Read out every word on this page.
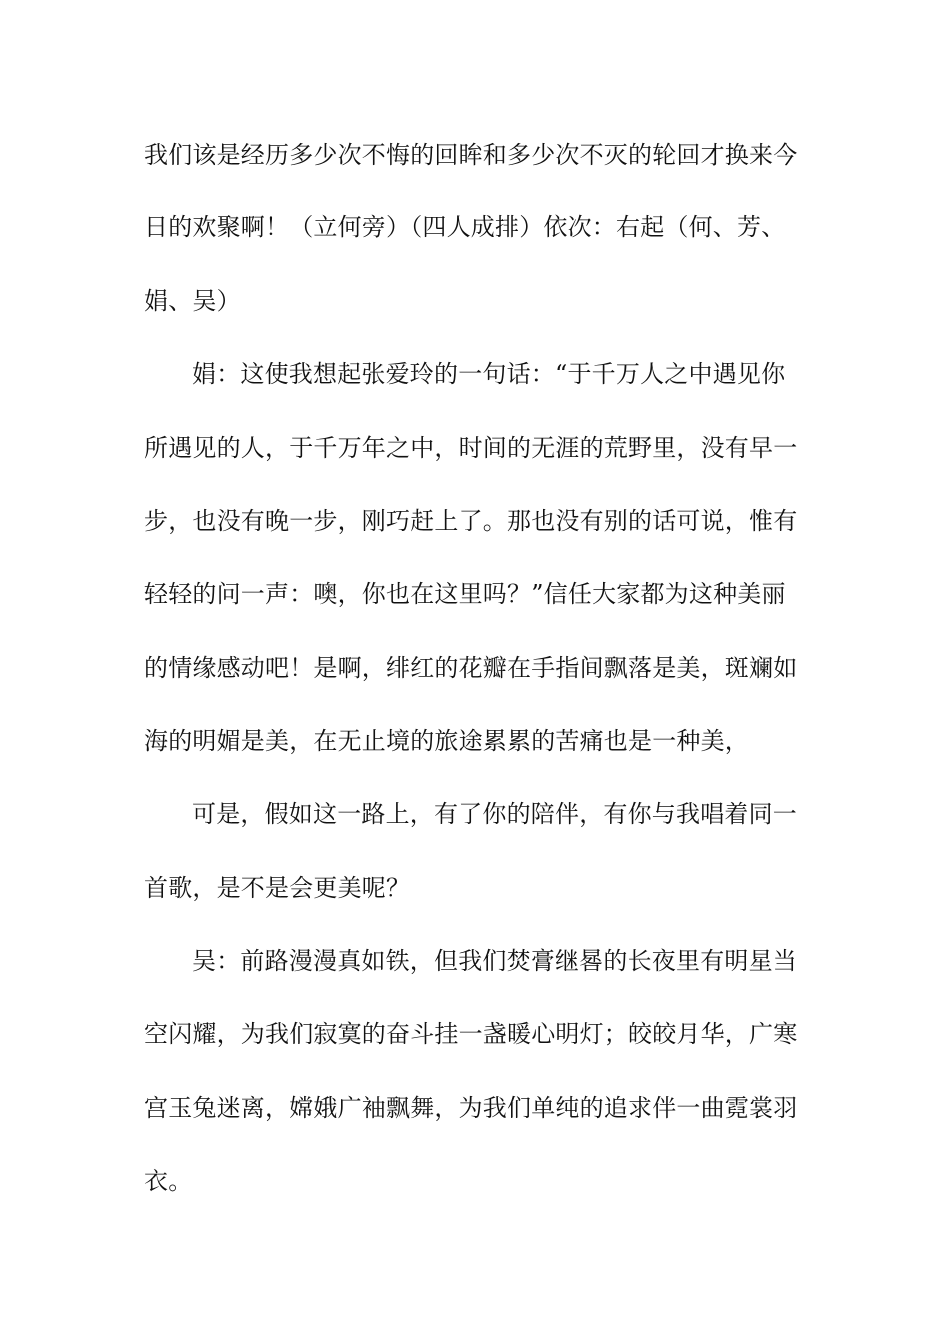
我们该是经历多少次不悔的回眸和多少次不灭的轮回才换来今
日的欢聚啊！（立何旁）（四人成排）依次：右起（何、芳、
娟、吴）
娟：这使我想起张爱玲的一句话：“于千万人之中遇见你
所遇见的人，于千万年之中，时间的无涯的荒野里，没有早一
步，也没有晚一步，刚巧赶上了。那也没有别的话可说，惟有
轻轻的问一声：噢，你也在这里吗？”信任大家都为这种美丽
的情缘感动吧！是啊，绯红的花瓣在手指间飘落是美，斑斓如
海的明媚是美，在无止境的旅途累累的苦痛也是一种美，
可是，假如这一路上，有了你的陪伴，有你与我唱着同一
首歌，是不是会更美呢？
吴：前路漫漫真如铁，但我们焚膏继晷的长夜里有明星当
空闪耀，为我们寂寞的奋斗挂一盏暖心明灯；皎皎月华，广寒
宫玉兔迷离，嫦娥广袖飘舞，为我们单纯的追求伴一曲霓裳羽
衣。
